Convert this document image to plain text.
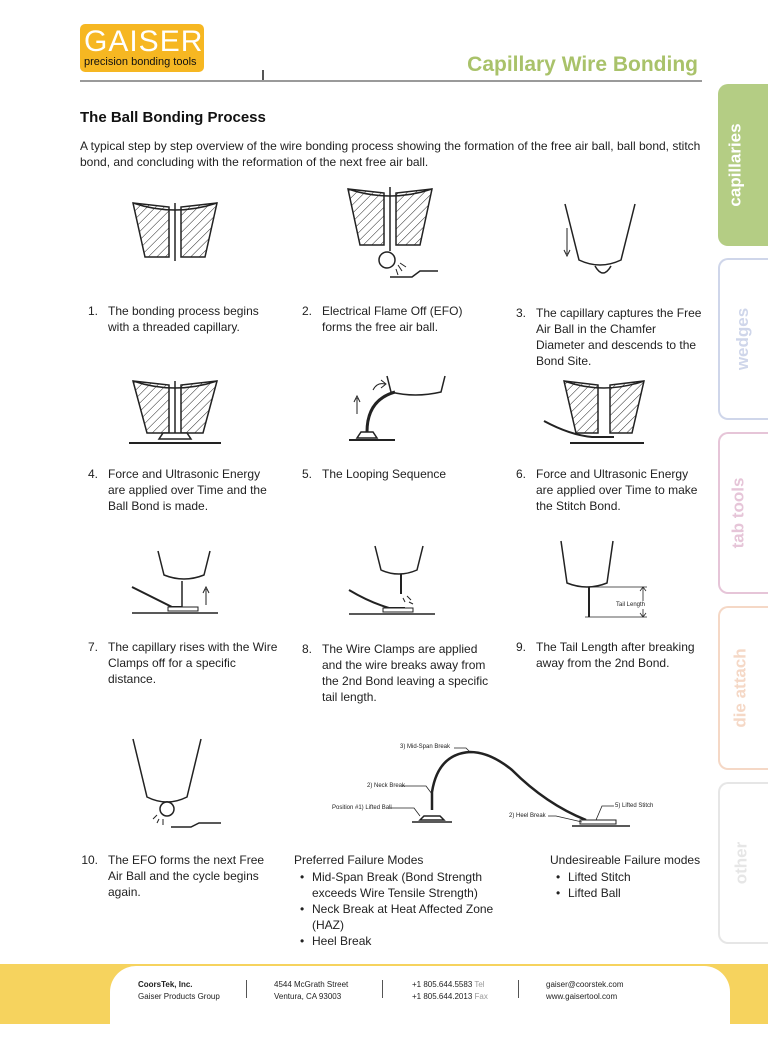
GAISER
precision bonding tools	Capillary Wire Bonding
capillaries
wedges
tab tools
die attach
other
The Ball Bonding Process
A typical step by step overview of the wire bonding process showing the formation of the free air ball, ball bond, stitch bond, and concluding with the reformation of the next free air ball.
1. The bonding process begins with a threaded capillary.
2. Electrical Flame Off (EFO) forms the free air ball.
3. The capillary captures the Free Air Ball in the Chamfer Diameter and descends to the Bond Site.
4. Force and Ultrasonic Energy are applied over Time and the Ball Bond is made.
5. The Looping Sequence	6. Force and Ultrasonic Energy are applied over Time to make the Stitch Bond.
Tail Length
7. The capillary rises with the Wire Clamps off for a specific distance.
8. The Wire Clamps are applied and the wire breaks away from the 2nd Bond leaving a specific tail length.
9. The Tail Length after breaking away from the 2nd Bond.
3) Mid-Span Break
2) Neck Break
Position #1) Lifted Ball
2) Heel Break
5) Lifted Stitch
10. The EFO forms the next Free Air Ball and the cycle begins again.
Preferred Failure Modes
• Mid-Span Break (Bond Strength exceeds Wire Tensile Strength)
• Neck Break at Heat Affected Zone (HAZ)
• Heel Break
Undesireable Failure modes
• Lifted Stitch
• Lifted Ball
CoorsTek, Inc.
Gaiser Products Group
4544 McGrath Street
Ventura, CA 93003
+1 805.644.5583 Tel
+1 805.644.2013 Fax
gaiser@coorstek.com
www.gaisertool.com	5
